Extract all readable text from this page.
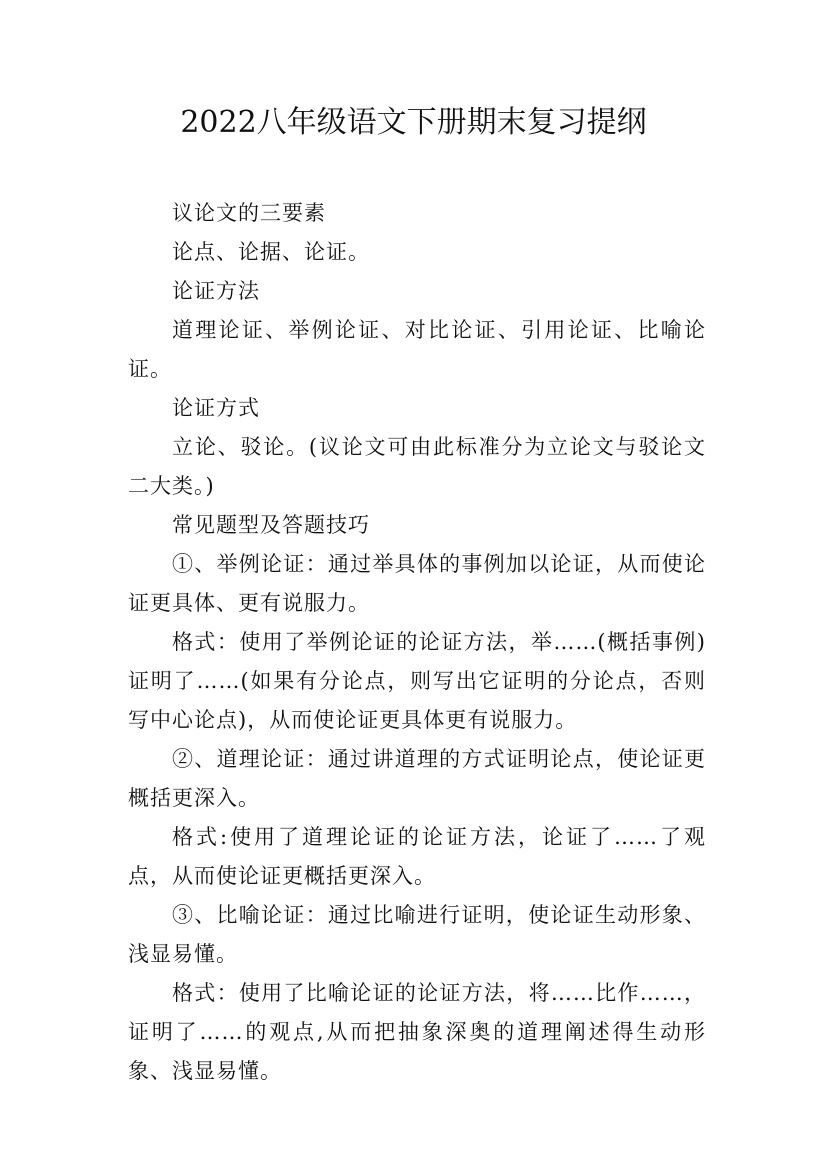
2022八年级语文下册期末复习提纲

议论文的三要素

论点、论据、论证。

论证方法

道理论证、举例论证、对比论证、引用论证、比喻论证。

论证方式

立论、驳论。(议论文可由此标准分为立论文与驳论文二大类。)

常见题型及答题技巧

①、举例论证：通过举具体的事例加以论证，从而使论证更具体、更有说服力。

格式：使用了举例论证的论证方法，举……(概括事例)证明了……(如果有分论点，则写出它证明的分论点，否则写中心论点)，从而使论证更具体更有说服力。

②、道理论证：通过讲道理的方式证明论点，使论证更概括更深入。

格式:使用了道理论证的论证方法，论证了……了观点，从而使论证更概括更深入。

③、比喻论证：通过比喻进行证明，使论证生动形象、浅显易懂。

格式：使用了比喻论证的论证方法，将……比作……，证明了……的观点,从而把抽象深奥的道理阐述得生动形象、浅显易懂。
